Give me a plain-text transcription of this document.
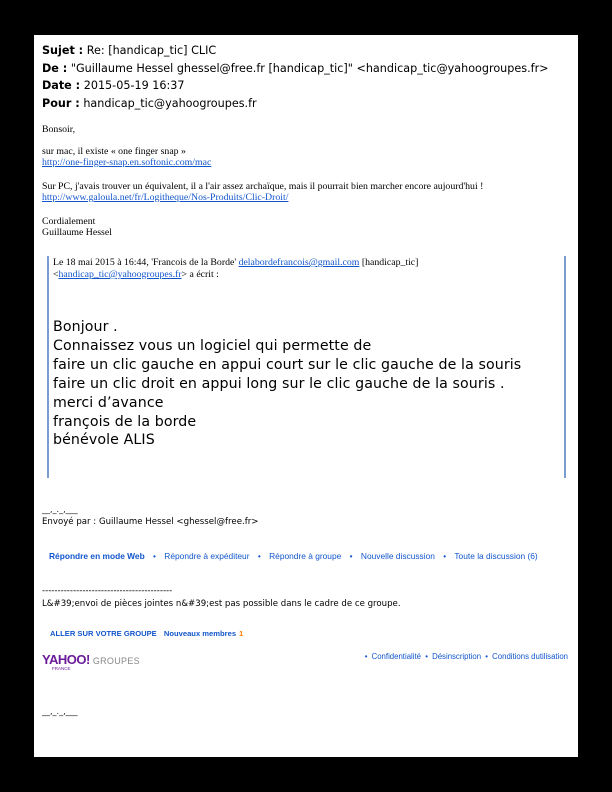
Sujet : Re: [handicap_tic] CLIC
De : "Guillaume Hessel ghessel@free.fr [handicap_tic]" <handicap_tic@yahoogroupes.fr>
Date : 2015-05-19 16:37
Pour : handicap_tic@yahoogroupes.fr
Bonsoir,
sur mac, il existe « one finger snap »
http://one-finger-snap.en.softonic.com/mac
Sur PC, j'avais trouver un équivalent, il a l'air assez archaïque, mais il pourrait bien marcher encore aujourd'hui !
http://www.galoula.net/fr/Logitheque/Nos-Produits/Clic-Droit/
Cordialement
Guillaume Hessel
Le 18 mai 2015 à 16:44, 'Francois de la Borde' delabordefrancois@gmail.com [handicap_tic]
<handicap_tic@yahoogroupes.fr> a écrit :
Bonjour .
Connaissez vous un logiciel qui permette de
faire un clic gauche en appui court sur le clic gauche de la souris
faire un clic droit en appui long sur le clic gauche de la souris .
merci d’avance
françois de la borde
bénévole ALIS
__,_._,___
Envoyé par : Guillaume Hessel <ghessel@free.fr>
Répondre en mode Web • Répondre à expéditeur • Répondre à groupe • Nouvelle discussion • Toute la discussion (6)
------------------------------------------
L&#39;envoi de pièces jointes n&#39;est pas possible dans le cadre de ce groupe.
ALLER SUR VOTRE GROUPE Nouveaux membres 1
YAHOO! GROUPES
FRANCE
• Confidentialité • Désinscription • Conditions dutilisation
__,_._,___
